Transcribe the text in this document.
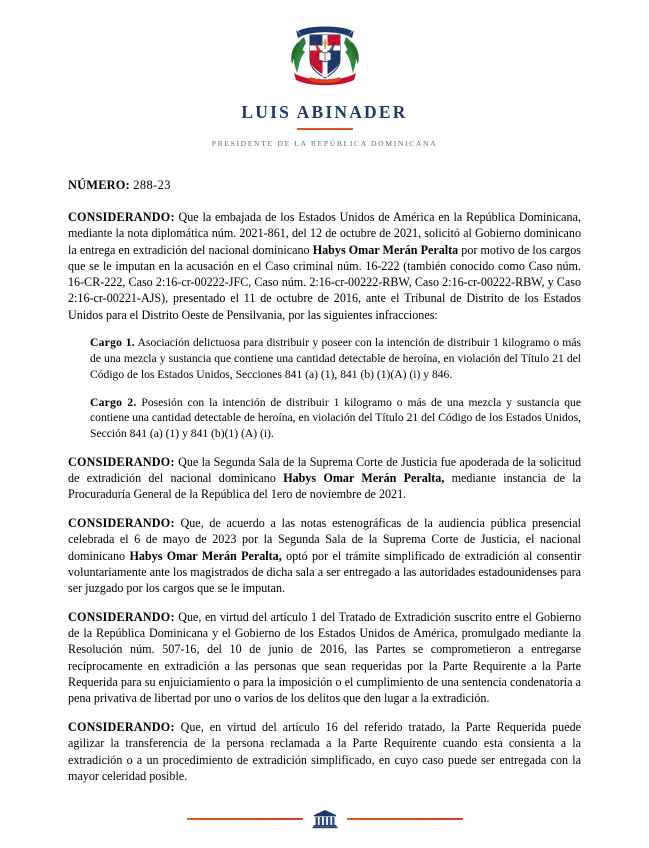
LUIS ABINADER
PRESIDENTE DE LA REPÚBLICA DOMINICANA
NÚMERO: 288-23

CONSIDERANDO: Que la embajada de los Estados Unidos de América en la República Dominicana, mediante la nota diplomática núm. 2021-861, del 12 de octubre de 2021, solicitó al Gobierno dominicano la entrega en extradición del nacional dominicano Habys Omar Merán Peralta por motivo de los cargos que se le imputan en la acusación en el Caso criminal núm. 16-222 (también conocido como Caso núm. 16-CR-222, Caso 2:16-cr-00222-JFC, Caso núm. 2:16-cr-00222-RBW, Caso 2:16-cr-00222-RBW, y Caso 2:16-cr-00221-AJS), presentado el 11 de octubre de 2016, ante el Tribunal de Distrito de los Estados Unidos para el Distrito Oeste de Pensilvania, por las siguientes infracciones:

Cargo 1. Asociación delictuosa para distribuir y poseer con la intención de distribuir 1 kilogramo o más de una mezcla y sustancia que contiene una cantidad detectable de heroína, en violación del Título 21 del Código de los Estados Unidos, Secciones 841 (a) (1), 841 (b) (1)(A) (i) y 846.

Cargo 2. Posesión con la intención de distribuir 1 kilogramo o más de una mezcla y sustancia que contiene una cantidad detectable de heroína, en violación del Título 21 del Código de los Estados Unidos, Sección 841 (a) (1) y 841 (b)(1) (A) (i).

CONSIDERANDO: Que la Segunda Sala de la Suprema Corte de Justicia fue apoderada de la solicitud de extradición del nacional dominicano Habys Omar Merán Peralta, mediante instancia de la Procuraduría General de la República del 1ero de noviembre de 2021.

CONSIDERANDO: Que, de acuerdo a las notas estenográficas de la audiencia pública presencial celebrada el 6 de mayo de 2023 por la Segunda Sala de la Suprema Corte de Justicia, el nacional dominicano Habys Omar Merán Peralta, optó por el trámite simplificado de extradición al consentir voluntariamente ante los magistrados de dicha sala a ser entregado a las autoridades estadounidenses para ser juzgado por los cargos que se le imputan.

CONSIDERANDO: Que, en virtud del artículo 1 del Tratado de Extradición suscrito entre el Gobierno de la República Dominicana y el Gobierno de los Estados Unidos de América, promulgado mediante la Resolución núm. 507-16, del 10 de junio de 2016, las Partes se comprometieron a entregarse recíprocamente en extradición a las personas que sean requeridas por la Parte Requirente a la Parte Requerida para su enjuiciamiento o para la imposición o el cumplimiento de una sentencia condenatoria a pena privativa de libertad por uno o varios de los delitos que den lugar a la extradición.

CONSIDERANDO: Que, en virtud del artículo 16 del referido tratado, la Parte Requerida puede agilizar la transferencia de la persona reclamada a la Parte Requirente cuando esta consienta a la extradición o a un procedimiento de extradición simplificado, en cuyo caso puede ser entregada con la mayor celeridad posible.
